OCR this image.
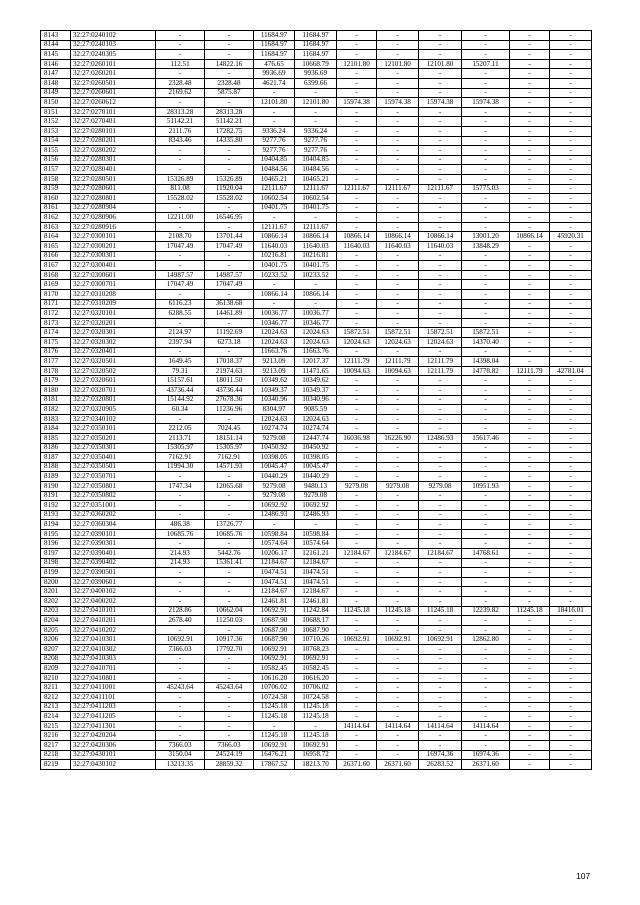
8143	32:27:0240102	-	-	11684.97	11684.97	-	-	-	-	-	-
8144	32:27:0240103	-	-	11684.97	11684.97	-	-	-	-	-	-
8145	32:27:0240305	-	-	11684.97	11684.97	-	-	-	-	-	-
8146	32:27:0260101	112.51	14822.16	476.65	10668.79	12101.80	12101.80	12101.80	15207.11	-	-
8147	32:27:0260201	-	-	9936.69	9936.69	-	-	-	-	-	-
8148	32:27:0260501	2328.48	2328.48	4621.74	6399.66	-	-	-	-	-	-
8149	32:27:0260601	2169.62	5875.87	-	-	-	-	-	-	-	-
8150	32:27:0260612	-	-	12101.80	12101.80	15974.38	15974.38	15974.38	15974.38	-	-
8151	32:27:0270101	28313.28	28313.28	-	-	-	-	-	-	-	-
8152	32:27:0270401	51142.21	51142.21	-	-	-	-	-	-	-	-
8153	32:27:0280101	2111.76	17282.75	9336.24	9336.24	-	-	-	-	-	-
8154	32:27:0280201	8343.46	14335.80	9277.76	9277.76	-	-	-	-	-	-
8155	32:27:0280202	-	-	9277.76	9277.76	-	-	-	-	-	-
8156	32:27:0280301	-	-	10404.85	10404.85	-	-	-	-	-	-
8157	32:27:0280401	-	-	10484.56	10484.56	-	-	-	-	-	-
8158	32:27:0280501	15326.89	15326.89	10465.21	10465.21	-	-	-	-	-	-
8159	32:27:0280601	811.08	11920.04	12111.67	12111.67	12111.67	12111.67	12111.67	15775.03	-	-
8160	32:27:0280801	15528.02	15528.02	10602.54	10602.54	-	-	-	-	-	-
8161	32:27:0280904	-	-	10401.75	10401.75	-	-	-	-	-	-
8162	32:27:0280906	12211.00	16546.95	-	-	-	-	-	-	-	-
8163	32:27:0280916	-	-	12111.67	12111.67	-	-	-	-	-	-
8164	32:27:0300101	2108.70	13701.44	10866.14	10866.14	10866.14	10866.14	10866.14	13001.20	10866.14	45920.31
8165	32:27:0300201	17047.49	17047.49	11640.03	11640.03	11640.03	11640.03	11640.03	13848.29	-	-
8166	32:27:0300301	-	-	10216.81	10216.81	-	-	-	-	-	-
8167	32:27:0300401	-	-	10401.75	10401.75	-	-	-	-	-	-
8168	32:27:0300601	14987.57	14987.57	10233.52	10233.52	-	-	-	-	-	-
8169	32:27:0300701	17047.49	17047.49	-	-	-	-	-	-	-	-
8170	32:27:0310208	-	-	10866.14	10866.14	-	-	-	-	-	-
8171	32:27:0310209	6116.23	36138.68	-	-	-	-	-	-	-	-
8172	32:27:0320101	6288.55	14461.89	10036.77	10036.77	-	-	-	-	-	-
8173	32:27:0320201	-	-	10346.77	10346.77	-	-	-	-	-	-
8174	32:27:0320301	2124.97	11192.69	12024.63	12024.63	15872.51	15872.51	15872.51	15872.51	-	-
8175	32:27:0320302	2397.94	6273.18	12024.63	12024.63	12024.63	12024.63	12024.63	14370.40	-	-
8176	32:27:0320401	-	-	11663.76	11663.76	-	-	-	-	-	-
8177	32:27:0320501	1649.45	17018.37	9213.09	12017.37	12111.79	12111.79	12111.79	14398.04	-	-
8178	32:27:0320502	79.31	21974.63	9213.09	11471.65	10094.63	10094.63	12111.79	14778.82	12111.79	42781.04
8179	32:27:0320601	15157.61	18011.50	10349.62	10349.62	-	-	-	-	-	-
8180	32:27:0320701	43736.44	43736.44	10349.37	10349.37	-	-	-	-	-	-
8181	32:27:0320801	15144.92	27678.36	10340.96	10340.96	-	-	-	-	-	-
8182	32:27:0320905	60.34	11236.96	8304.97	9085.59	-	-	-	-	-	-
8183	32:27:0340102	-	-	12024.63	12024.63	-	-	-	-	-	-
8184	32:27:0350101	2212.05	7024.45	10274.74	10274.74	-	-	-	-	-	-
8185	32:27:0350201	2113.71	18151.14	9279.08	12447.74	16036.98	16226.90	12486.93	15617.46	-	-
8186	32:27:0350301	15305.97	15305.97	10450.92	10450.92	-	-	-	-	-	-
8187	32:27:0350401	7162.91	7162.91	10398.05	10398.05	-	-	-	-	-	-
8188	32:27:0350501	11994.30	14571.93	10045.47	10045.47	-	-	-	-	-	-
8189	32:27:0350701	-	-	10440.29	10440.29	-	-	-	-	-	-
8190	32:27:0350801	1747.34	12065.68	9279.08	9480.13	9279.08	9279.08	9279.08	10951.93	-	-
8191	32:27:0350802	-	-	9279.08	9279.08	-	-	-	-	-	-
8192	32:27:0351001	-	-	10692.92	10692.92	-	-	-	-	-	-
8193	32:27:0360202	-	-	12486.93	12486.93	-	-	-	-	-	-
8194	32:27:0360304	486.38	13726.77	-	-	-	-	-	-	-	-
8195	32:27:0390101	10685.76	10685.76	10598.84	10598.84	-	-	-	-	-	-
8196	32:27:0390301	-	-	10574.64	10574.64	-	-	-	-	-	-
8197	32:27:0390401	214.93	5442.76	10206.17	12161.21	12184.67	12184.67	12184.67	14768.61	-	-
8198	32:27:0390402	214.93	15361.41	12184.67	12184.67	-	-	-	-	-	-
8199	32:27:0390501	-	-	10474.51	10474.51	-	-	-	-	-	-
8200	32:27:0390601	-	-	10474.51	10474.51	-	-	-	-	-	-
8201	32:27:0400102	-	-	12184.67	12184.67	-	-	-	-	-	-
8202	32:27:0400202	-	-	12461.81	12461.81	-	-	-	-	-	-
8203	32:27:0410101	2128.86	10662.04	10692.91	11242.84	11245.18	11245.18	11245.18	12239.82	11245.18	18416.01
8204	32:27:0410201	2678.40	11250.03	10687.90	10688.17	-	-	-	-	-	-
8205	32:27:0410202	-	-	10687.90	10687.90	-	-	-	-	-	-
8206	32:27:0410301	10692.91	10917.36	10687.90	10710.26	10692.91	10692.91	10692.91	12862.80	-	-
8207	32:27:0410302	7366.03	17792.70	10692.91	10768.23	-	-	-	-	-	-
8208	32:27:0410303	-	-	10692.91	10692.91	-	-	-	-	-	-
8209	32:27:0410701	-	-	10582.45	10582.45	-	-	-	-	-	-
8210	32:27:0410801	-	-	10616.20	10616.20	-	-	-	-	-	-
8211	32:27:0411001	45243.64	45243.64	10706.02	10706.02	-	-	-	-	-	-
8212	32:27:0411101	-	-	10724.58	10724.58	-	-	-	-	-	-
8213	32:27:0411203	-	-	11245.18	11245.18	-	-	-	-	-	-
8214	32:27:0411205	-	-	11245.18	11245.18	-	-	-	-	-	-
8215	32:27:0411301	-	-	-	-	14114.64	14114.64	14114.64	14114.64	-	-
8216	32:27:0420204	-	-	11245.18	11245.18	-	-	-	-	-	-
8217	32:27:0420306	7366.03	7366.03	10692.91	10692.91	-	-	-	-	-	-
8218	32:27:0430101	3150.04	24524.19	16476.21	16958.72	-	-	16974.36	16974.36	-	-
8219	32:27:0430102	13213.35	28859.32	17867.52	18213.70	26371.60	26371.60	26283.52	26371.60	-	-
107
